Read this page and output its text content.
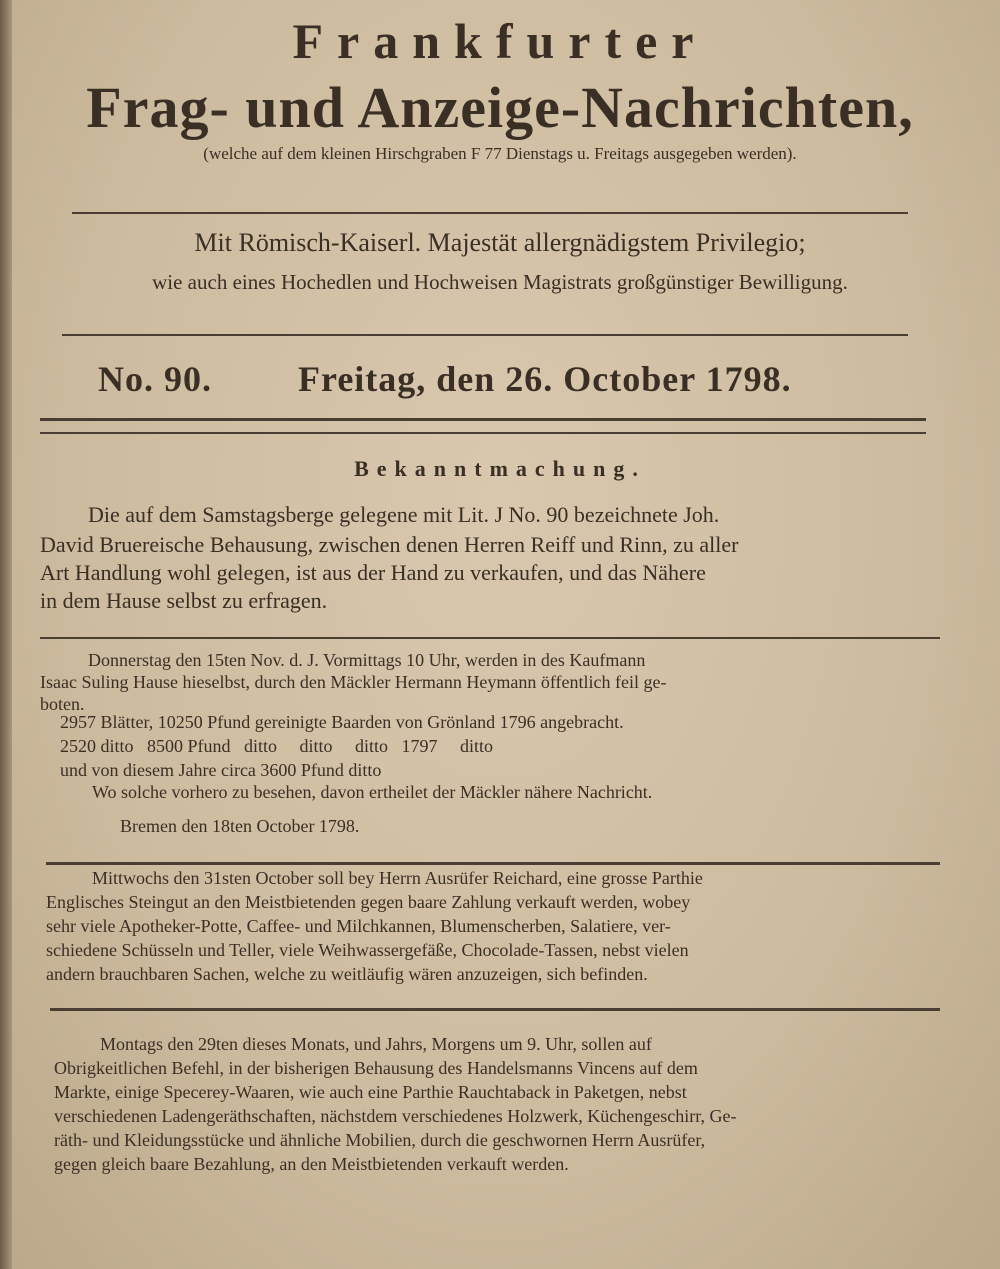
Frankfurter
Frag- und Anzeige-Nachrichten,
(welche auf dem kleinen Hirschgraben F 77 Dienstags u. Freitags ausgegeben werden).
Mit Römisch-Kaiserl. Majestät allergnädigstem Privilegio;
wie auch eines Hochedlen und Hochweisen Magistrats großgünstiger Bewilligung.
No. 90. Freitag, den 26. October 1798.
Bekanntmachung.
Die auf dem Samstagsberge gelegene mit Lit. J No. 90 bezeichnete Joh.
David Bruereische Behausung, zwischen denen Herren Reiff und Rinn, zu aller
Art Handlung wohl gelegen, ist aus der Hand zu verkaufen, und das Nähere
in dem Hause selbst zu erfragen.
Donnerstag den 15ten Nov. d. J. Vormittags 10 Uhr, werden in des Kaufmann
Isaac Suling Hause hieselbst, durch den Mäckler Hermann Heymann öffentlich feil ge-
boten.
2957 Blätter, 10250 Pfund gereinigte Baarden von Grönland 1796 angebracht.
2520 ditto   8500 Pfund   ditto     ditto     ditto   1797     ditto
und von diesem Jahre circa 3600 Pfund ditto
Wo solche vorhero zu besehen, davon ertheilet der Mäckler nähere Nachricht.
Bremen den 18ten October 1798.
Mittwochs den 31sten October soll bey Herrn Ausrüfer Reichard, eine grosse Parthie
Englisches Steingut an den Meistbietenden gegen baare Zahlung verkauft werden, wobey
sehr viele Apotheker-Potte, Caffee- und Milchkannen, Blumenscherben, Salatiere, ver-
schiedene Schüsseln und Teller, viele Weihwassergefäße, Chocolade-Tassen, nebst vielen
andern brauchbaren Sachen, welche zu weitläufig wären anzuzeigen, sich befinden.
Montags den 29ten dieses Monats, und Jahrs, Morgens um 9. Uhr, sollen auf
Obrigkeitlichen Befehl, in der bisherigen Behausung des Handelsmanns Vincens auf dem
Markte, einige Specerey-Waaren, wie auch eine Parthie Rauchtaback in Paketgen, nebst
verschiedenen Ladengeräthschaften, nächstdem verschiedenes Holzwerk, Küchengeschirr, Ge-
räth- und Kleidungsstücke und ähnliche Mobilien, durch die geschwornen Herrn Ausrüfer,
gegen gleich baare Bezahlung, an den Meistbietenden verkauft werden.
